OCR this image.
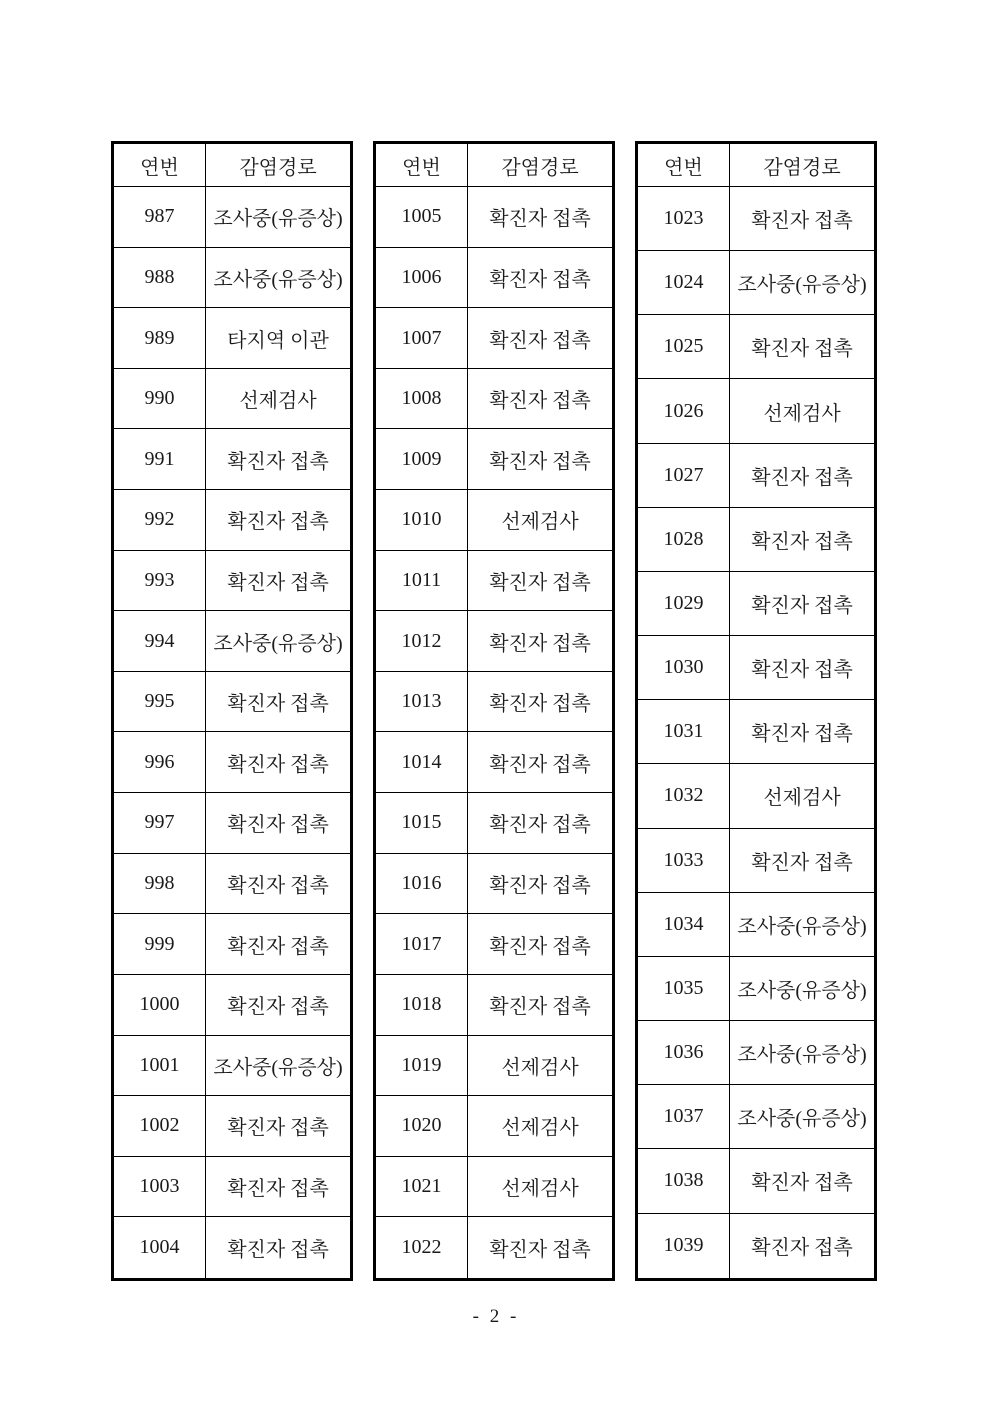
연번	감염경로
987	조사중(유증상)
988	조사중(유증상)
989	타지역 이관
990	선제검사
991	확진자 접촉
992	확진자 접촉
993	확진자 접촉
994	조사중(유증상)
995	확진자 접촉
996	확진자 접촉
997	확진자 접촉
998	확진자 접촉
999	확진자 접촉
1000	확진자 접촉
1001	조사중(유증상)
1002	확진자 접촉
1003	확진자 접촉
1004	확진자 접촉
연번	감염경로
1005	확진자 접촉
1006	확진자 접촉
1007	확진자 접촉
1008	확진자 접촉
1009	확진자 접촉
1010	선제검사
1011	확진자 접촉
1012	확진자 접촉
1013	확진자 접촉
1014	확진자 접촉
1015	확진자 접촉
1016	확진자 접촉
1017	확진자 접촉
1018	확진자 접촉
1019	선제검사
1020	선제검사
1021	선제검사
1022	확진자 접촉
연번	감염경로
1023	확진자 접촉
1024	조사중(유증상)
1025	확진자 접촉
1026	선제검사
1027	확진자 접촉
1028	확진자 접촉
1029	확진자 접촉
1030	확진자 접촉
1031	확진자 접촉
1032	선제검사
1033	확진자 접촉
1034	조사중(유증상)
1035	조사중(유증상)
1036	조사중(유증상)
1037	조사중(유증상)
1038	확진자 접촉
1039	확진자 접촉
- 2 -
